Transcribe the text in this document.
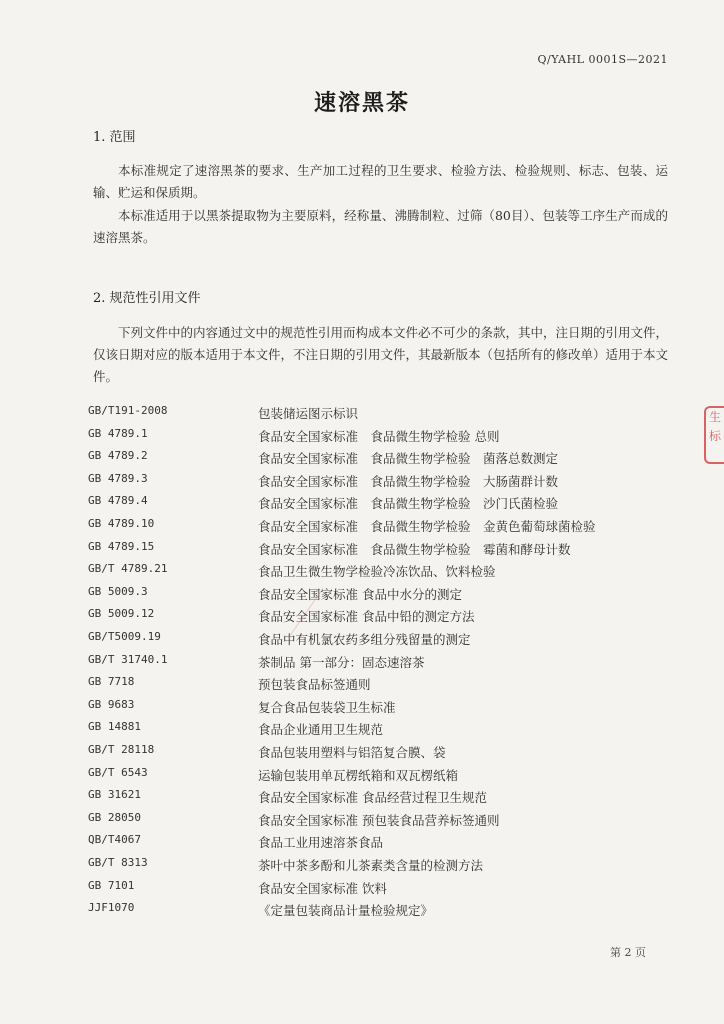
Q/YAHL 0001S—2021
速溶黑茶
1. 范围
本标准规定了速溶黑茶的要求、生产加工过程的卫生要求、检验方法、检验规则、标志、包装、运输、贮运和保质期。
本标准适用于以黑茶提取物为主要原料，经称量、沸腾制粒、过筛（80目）、包装等工序生产而成的速溶黑茶。
2. 规范性引用文件
下列文件中的内容通过文中的规范性引用而构成本文件必不可少的条款，其中，注日期的引用文件，仅该日期对应的版本适用于本文件，不注日期的引用文件，其最新版本（包括所有的修改单）适用于本文件。
GB/T191-2008	包装储运图示标识
GB 4789.1	食品安全国家标准　食品微生物学检验 总则
GB 4789.2	食品安全国家标准　食品微生物学检验　菌落总数测定
GB 4789.3	食品安全国家标准　食品微生物学检验　大肠菌群计数
GB 4789.4	食品安全国家标准　食品微生物学检验　沙门氏菌检验
GB 4789.10	食品安全国家标准　食品微生物学检验　金黄色葡萄球菌检验
GB 4789.15	食品安全国家标准　食品微生物学检验　霉菌和酵母计数
GB/T 4789.21	食品卫生微生物学检验冷冻饮品、饮料检验
GB 5009.3	食品安全国家标准 食品中水分的测定
GB 5009.12	食品安全国家标准 食品中铅的测定方法
GB/T5009.19	食品中有机氯农药多组分残留量的测定
GB/T 31740.1	茶制品 第一部分：固态速溶茶
GB 7718	预包装食品标签通则
GB 9683	复合食品包装袋卫生标准
GB 14881	食品企业通用卫生规范
GB/T 28118	食品包装用塑料与铝箔复合膜、袋
GB/T 6543	运输包装用单瓦楞纸箱和双瓦楞纸箱
GB 31621	食品安全国家标准 食品经营过程卫生规范
GB 28050	食品安全国家标准 预包装食品营养标签通则
QB/T4067	食品工业用速溶茶食品
GB/T 8313	茶叶中茶多酚和儿茶素类含量的检测方法
GB 7101	食品安全国家标准 饮料
JJF1070	《定量包装商品计量检验规定》
第 2 页
生
标
